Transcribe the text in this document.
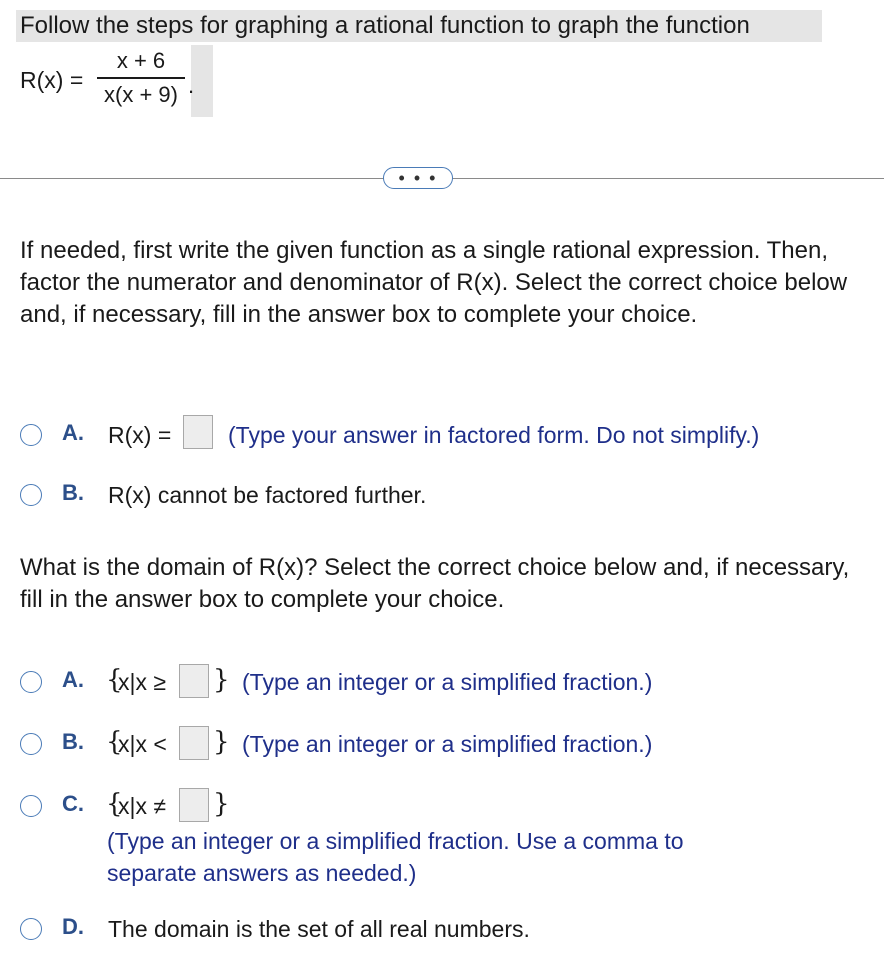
Follow the steps for graphing a rational function to graph the function
R(x) =
x + 6
x(x + 9) .
• • •
If needed, first write the given function as a single rational expression. Then, factor the numerator and denominator of R(x). Select the correct choice below and, if necessary, fill in the answer box to complete your choice.
A. R(x) = (Type your answer in factored form. Do not simplify.)
B. R(x) cannot be factored further.
What is the domain of R(x)? Select the correct choice below and, if necessary, fill in the answer box to complete your choice.
A. {
x|x ≥ } (Type an integer or a simplified fraction.)
B. {
x|x < } (Type an integer or a simplified fraction.)
C. {
x|x ≠ }
(Type an integer or a simplified fraction. Use a comma to
separate answers as needed.)
D. The domain is the set of all real numbers.
